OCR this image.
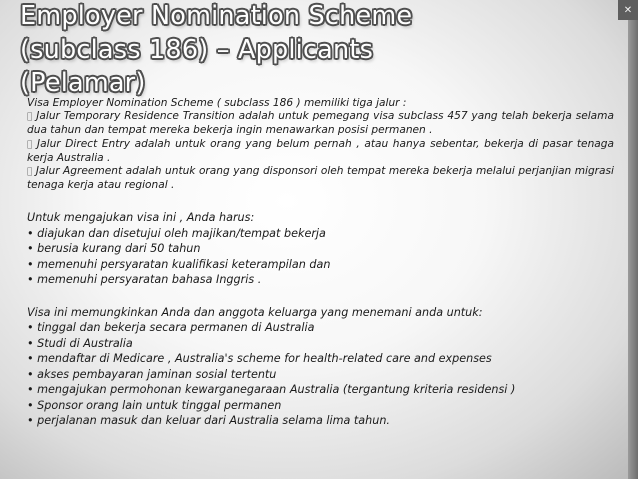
✕
Employer Nomination Scheme
(subclass 186) – Applicants
(Pelamar)

Visa Employer Nomination Scheme ( subclass 186 ) memiliki tiga jalur :

Jalur Temporary Residence Transition adalah untuk pemegang visa subclass 457 yang telah bekerja selama dua tahun dan tempat mereka bekerja ingin menawarkan posisi permanen .

Jalur Direct Entry adalah untuk orang yang belum pernah , atau hanya sebentar, bekerja di pasar tenaga kerja Australia .

Jalur Agreement adalah untuk orang yang disponsori oleh tempat mereka bekerja melalui perjanjian migrasi tenaga kerja atau regional .

Untuk mengajukan visa ini , Anda harus:

• diajukan dan disetujui oleh majikan/tempat bekerja

• berusia kurang dari 50 tahun

• memenuhi persyaratan kualifikasi keterampilan dan

• memenuhi persyaratan bahasa Inggris .

Visa ini memungkinkan Anda dan anggota keluarga yang menemani anda untuk:

• tinggal dan bekerja secara permanen di Australia

• Studi di Australia

• mendaftar di Medicare , Australia's scheme for health-related care and expenses

• akses pembayaran jaminan sosial tertentu

• mengajukan permohonan kewarganegaraan Australia (tergantung kriteria residensi )

• Sponsor orang lain untuk tinggal permanen

• perjalanan masuk dan keluar dari Australia selama lima tahun.
